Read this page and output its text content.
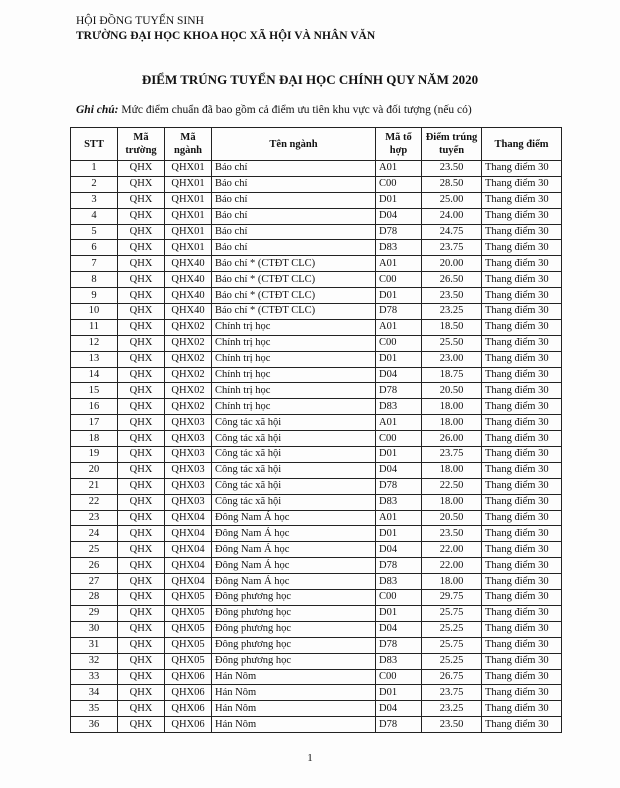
HỘI ĐỒNG TUYỂN SINH
TRƯỜNG ĐẠI HỌC KHOA HỌC XÃ HỘI VÀ NHÂN VĂN
ĐIỂM TRÚNG TUYỂN ĐẠI HỌC CHÍNH QUY NĂM 2020
Ghi chú: Mức điểm chuẩn đã bao gồm cả điểm ưu tiên khu vực và đối tượng (nếu có)
STT	Mã trường	Mã ngành	Tên ngành	Mã tổ hợp	Điểm trúng tuyển	Thang điểm
1	QHX	QHX01	Báo chí	A01	23.50	Thang điểm 30
2	QHX	QHX01	Báo chí	C00	28.50	Thang điểm 30
3	QHX	QHX01	Báo chí	D01	25.00	Thang điểm 30
4	QHX	QHX01	Báo chí	D04	24.00	Thang điểm 30
5	QHX	QHX01	Báo chí	D78	24.75	Thang điểm 30
6	QHX	QHX01	Báo chí	D83	23.75	Thang điểm 30
7	QHX	QHX40	Báo chí * (CTĐT CLC)	A01	20.00	Thang điểm 30
8	QHX	QHX40	Báo chí * (CTĐT CLC)	C00	26.50	Thang điểm 30
9	QHX	QHX40	Báo chí * (CTĐT CLC)	D01	23.50	Thang điểm 30
10	QHX	QHX40	Báo chí * (CTĐT CLC)	D78	23.25	Thang điểm 30
11	QHX	QHX02	Chính trị học	A01	18.50	Thang điểm 30
12	QHX	QHX02	Chính trị học	C00	25.50	Thang điểm 30
13	QHX	QHX02	Chính trị học	D01	23.00	Thang điểm 30
14	QHX	QHX02	Chính trị học	D04	18.75	Thang điểm 30
15	QHX	QHX02	Chính trị học	D78	20.50	Thang điểm 30
16	QHX	QHX02	Chính trị học	D83	18.00	Thang điểm 30
17	QHX	QHX03	Công tác xã hội	A01	18.00	Thang điểm 30
18	QHX	QHX03	Công tác xã hội	C00	26.00	Thang điểm 30
19	QHX	QHX03	Công tác xã hội	D01	23.75	Thang điểm 30
20	QHX	QHX03	Công tác xã hội	D04	18.00	Thang điểm 30
21	QHX	QHX03	Công tác xã hội	D78	22.50	Thang điểm 30
22	QHX	QHX03	Công tác xã hội	D83	18.00	Thang điểm 30
23	QHX	QHX04	Đông Nam Á học	A01	20.50	Thang điểm 30
24	QHX	QHX04	Đông Nam Á học	D01	23.50	Thang điểm 30
25	QHX	QHX04	Đông Nam Á học	D04	22.00	Thang điểm 30
26	QHX	QHX04	Đông Nam Á học	D78	22.00	Thang điểm 30
27	QHX	QHX04	Đông Nam Á học	D83	18.00	Thang điểm 30
28	QHX	QHX05	Đông phương học	C00	29.75	Thang điểm 30
29	QHX	QHX05	Đông phương học	D01	25.75	Thang điểm 30
30	QHX	QHX05	Đông phương học	D04	25.25	Thang điểm 30
31	QHX	QHX05	Đông phương học	D78	25.75	Thang điểm 30
32	QHX	QHX05	Đông phương học	D83	25.25	Thang điểm 30
33	QHX	QHX06	Hán Nôm	C00	26.75	Thang điểm 30
34	QHX	QHX06	Hán Nôm	D01	23.75	Thang điểm 30
35	QHX	QHX06	Hán Nôm	D04	23.25	Thang điểm 30
36	QHX	QHX06	Hán Nôm	D78	23.50	Thang điểm 30
1
